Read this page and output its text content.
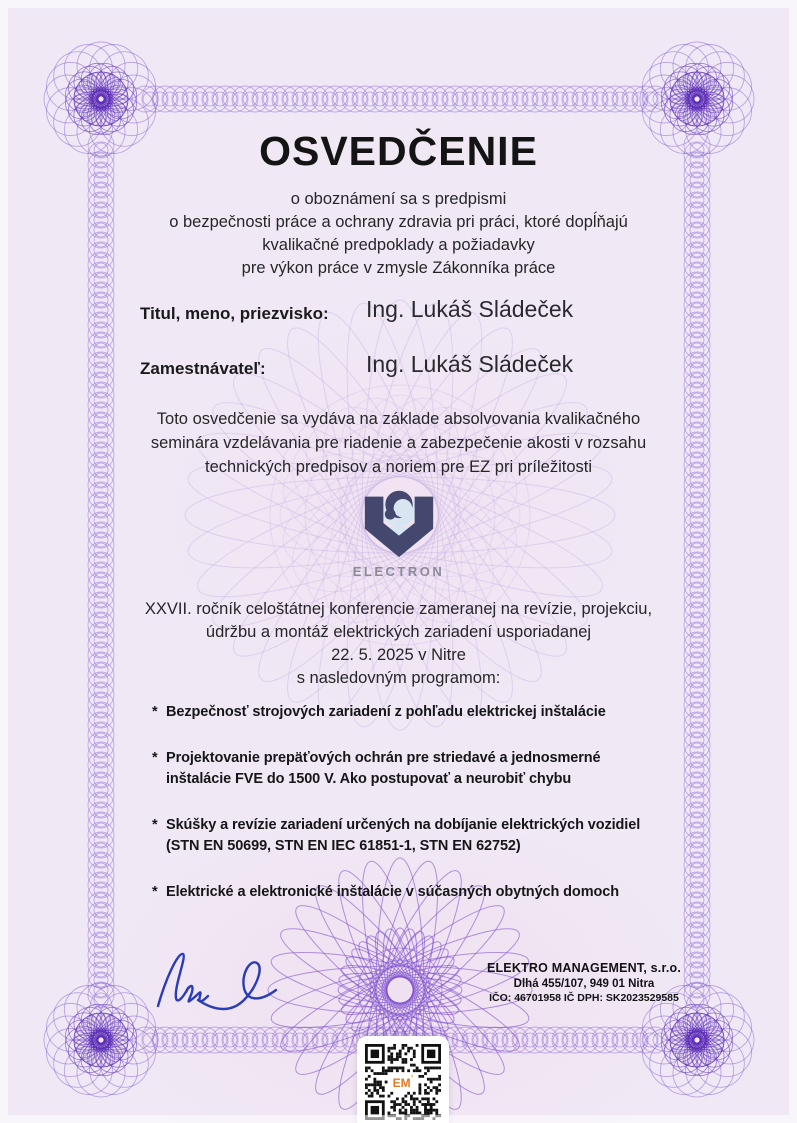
OSVEDČENIE
o oboznámení sa s predpismi
o bezpečnosti práce a ochrany zdravia pri práci, ktoré dopĺňajú
kvalikačné predpoklady a požiadavky
pre výkon práce v zmysle Zákonníka práce
Titul, meno, priezvisko: Ing. Lukáš Sládeček
Zamestnávateľ:	Ing. Lukáš Sládeček
Toto osvedčenie sa vydáva na základe absolvovania kvalikačného
seminára vzdelávania pre riadenie a zabezpečenie akosti v rozsahu
technických predpisov a noriem pre EZ pri príležitosti
ELECTRON
XXVII. ročník celoštátnej konferencie zameranej na revízie, projekciu,
údržbu a montáž elektrických zariadení usporiadanej
22. 5. 2025 v Nitre
s nasledovným programom:
* Bezpečnosť strojových zariadení z pohľadu elektrickej inštalácie
* Projektovanie prepäťových ochrán pre striedavé a jednosmerné
inštalácie FVE do 1500 V. Ako postupovať a neurobiť chybu
* Skúšky a revízie zariadení určených na dobíjanie elektrických vozidiel
(STN EN 50699, STN EN IEC 61851-1, STN EN 62752)
* Elektrické a elektronické inštalácie v súčasných obytných domoch
ELEKTRO MANAGEMENT, s.r.o.
Dlhá 455/107, 949 01 Nitra
IČO: 46701958 IČ DPH: SK2023529585
EM’
